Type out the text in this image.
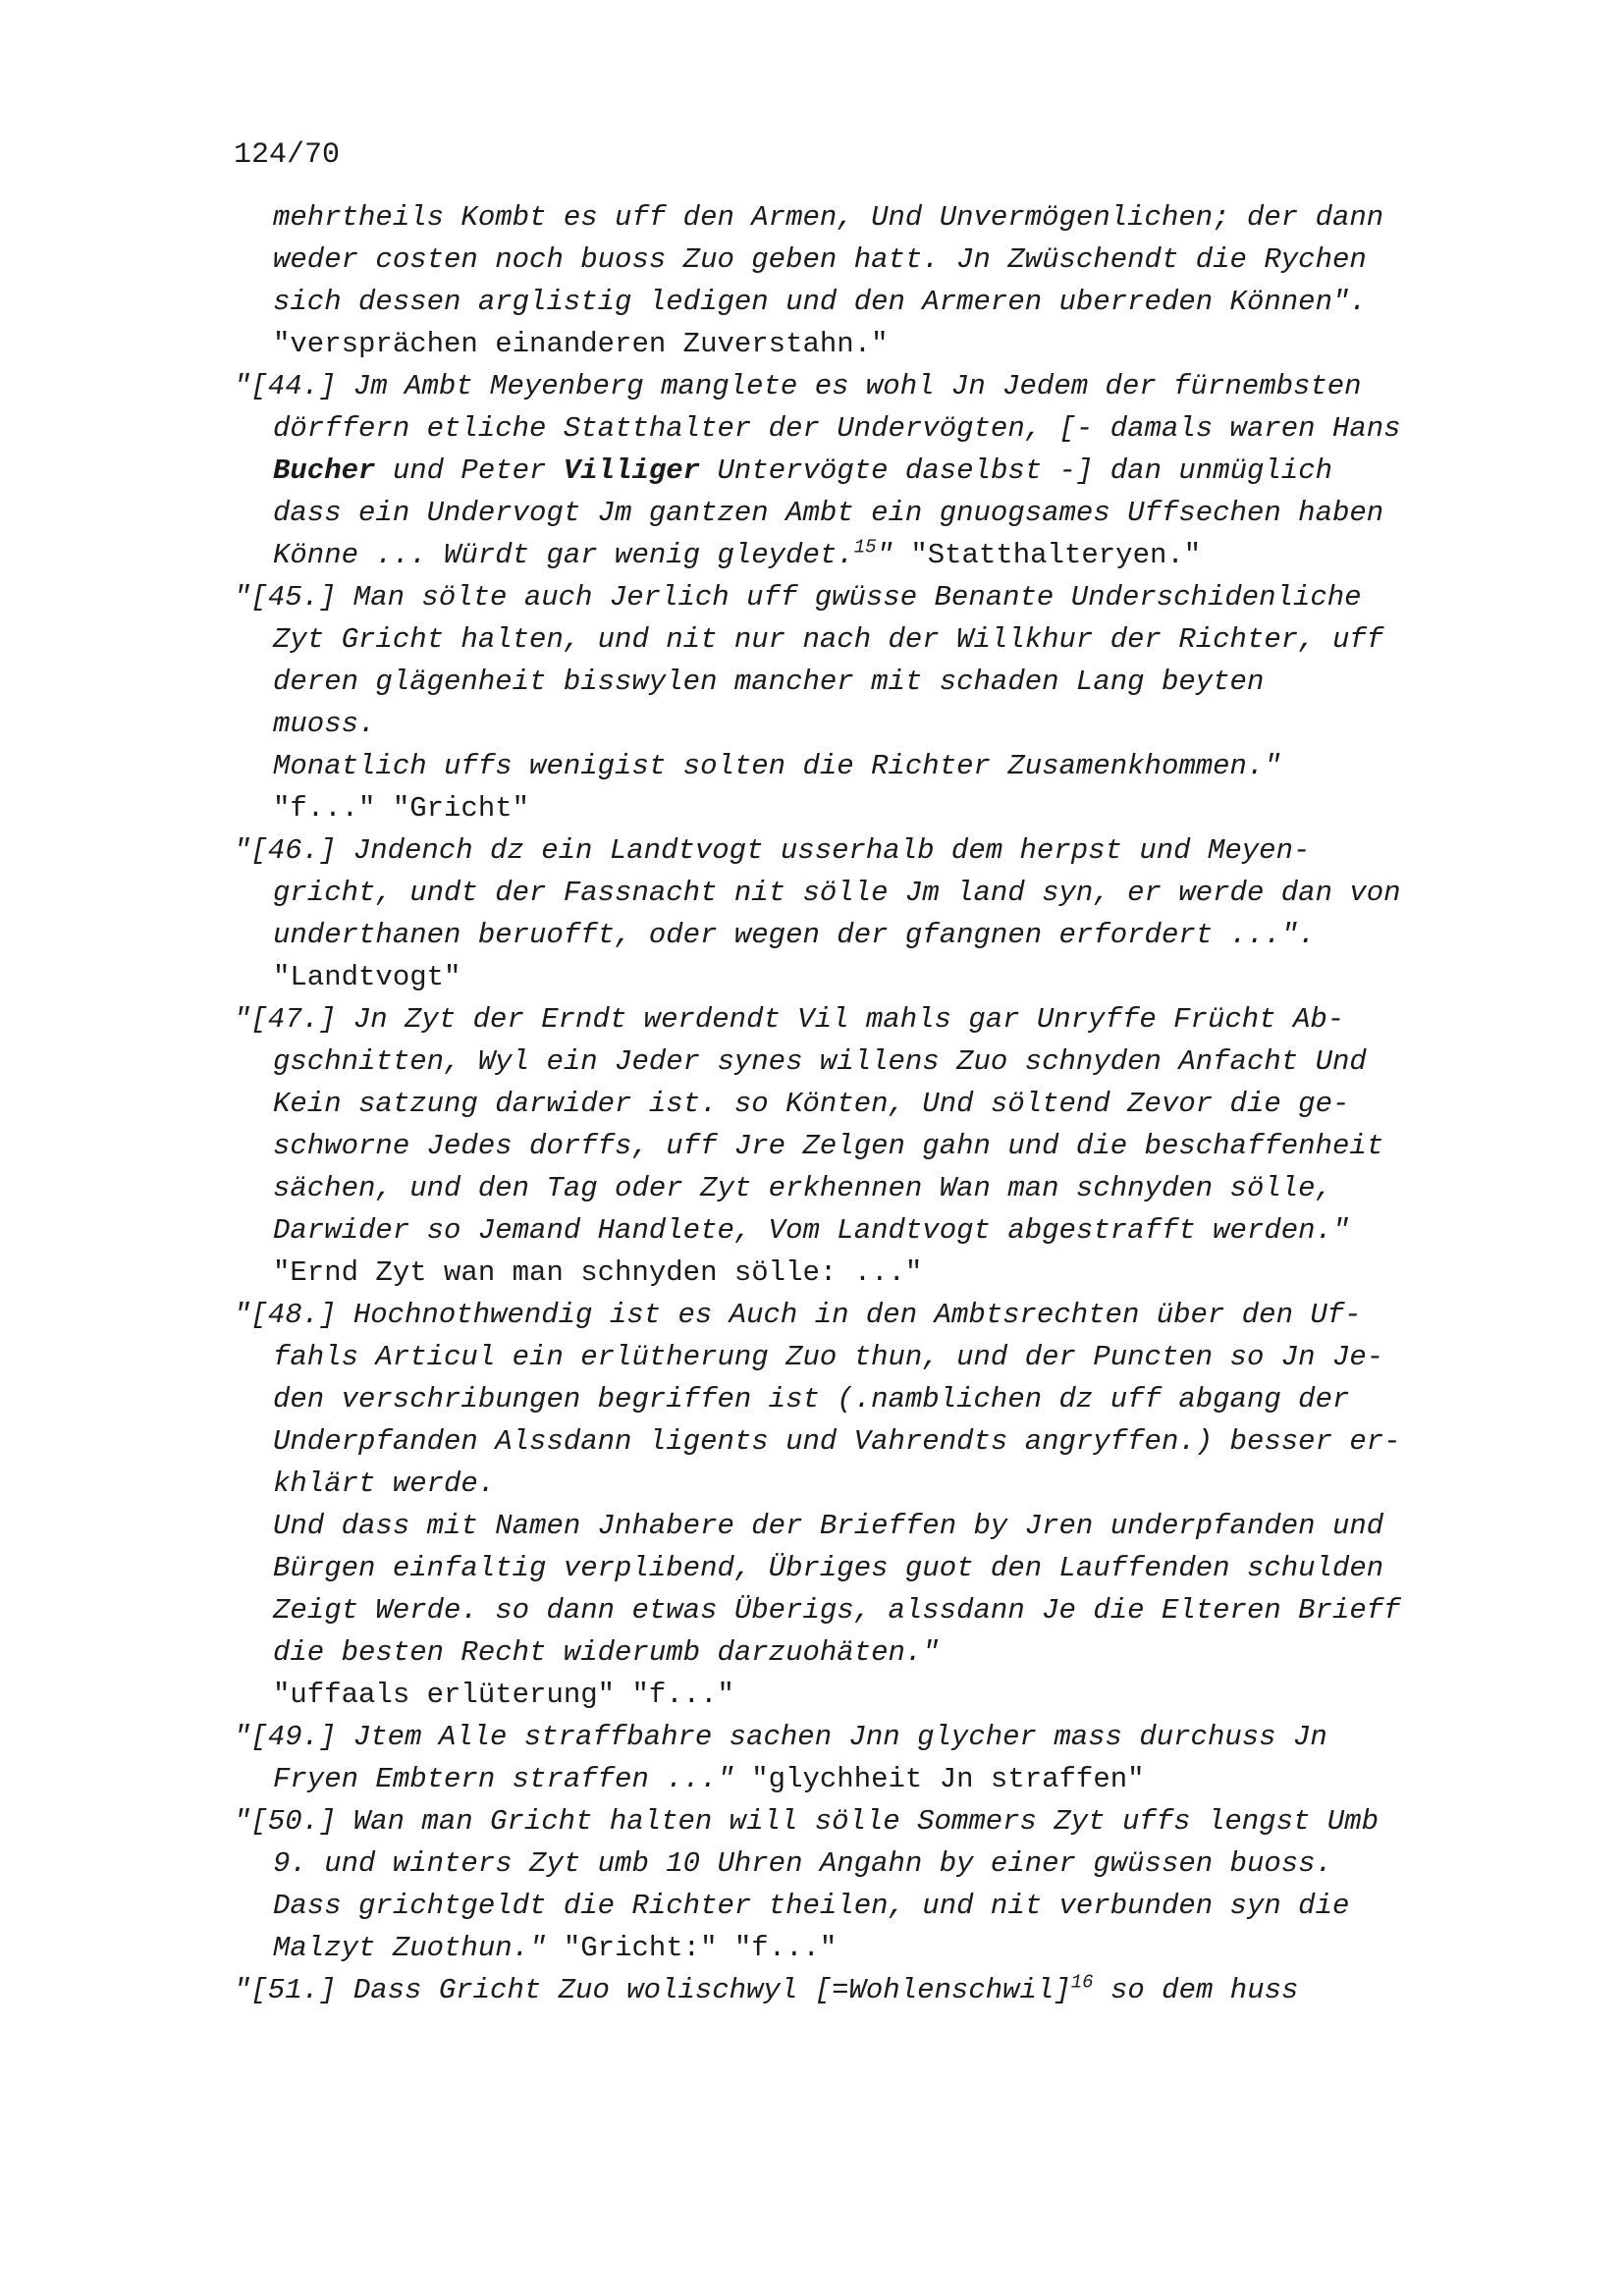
124/70
mehrtheils Kombt es uff den Armen, Und Unvermögenlichen; der dann
weder costen noch buoss Zuo geben hatt. Jn Zwüschendt die Rychen
sich dessen arglistig ledigen und den Armeren uberreden Können".
"versprächen einanderen Zuverstahn."
"[44.] Jm Ambt Meyenberg manglete es wohl Jn Jedem der fürnembsten
dörffern etliche Statthalter der Undervögten, [- damals waren Hans
Bucher und Peter Villiger Untervögte daselbst -] dan unmüglich
dass ein Undervogt Jm gantzen Ambt ein gnuogsames Uffsechen haben
Könne ... Würdt gar wenig gleydet.$^{15}$" "Statthalteryen."
"[45.] Man sölte auch Jerlich uff gwüsse Benante Underschidenliche
Zyt Gricht halten, und nit nur nach der Willkhur der Richter, uff
deren glägenheit bisswylen mancher mit schaden Lang beyten
muoss.
Monatlich uffs wenigist solten die Richter Zusamenkhommen."
"f..." "Gricht"
"[46.] Jndench dz ein Landtvogt usserhalb dem herpst und Meyen-
gricht, undt der Fassnacht nit sölle Jm land syn, er werde dan von
underthanen beruofft, oder wegen der gfangnen erfordert ...".
"Landtvogt"
"[47.] Jn Zyt der Erndt werdendt Vil mahls gar Unryffe Frücht Ab-
gschnitten, Wyl ein Jeder synes willens Zuo schnyden Anfacht Und
Kein satzung darwider ist. so Könten, Und söltend Zevor die ge-
schworne Jedes dorffs, uff Jre Zelgen gahn und die beschaffenheit
sächen, und den Tag oder Zyt erkhennen Wan man schnyden sölle,
Darwider so Jemand Handlete, Vom Landtvogt abgestrafft werden."
"Ernd Zyt wan man schnyden sölle: ..."
"[48.] Hochnothwendig ist es Auch in den Ambtsrechten über den Uf-
fahls Articul ein erlütherung Zuo thun, und der Puncten so Jn Je-
den verschribungen begriffen ist (.namblichen dz uff abgang der
Underpfanden Alssdann ligents und Vahrendts angryffen.) besser er-
khlärt werde.
Und dass mit Namen Jnhabere der Brieffen by Jren underpfanden und
Bürgen einfaltig verplibend, Übriges guot den Lauffenden schulden
Zeigt Werde. so dann etwas Überigs, alssdann Je die Elteren Brieff
die besten Recht widerumb darzuohäten."
"uffaals erlüterung" "f..."
"[49.] Jtem Alle straffbahre sachen Jnn glycher mass durchuss Jn
Fryen Embtern straffen ..." "glychheit Jn straffen"
"[50.] Wan man Gricht halten will sölle Sommers Zyt uffs lengst Umb
9. und winters Zyt umb 10 Uhren Angahn by einer gwüssen buoss.
Dass grichtgeldt die Richter theilen, und nit verbunden syn die
Malzyt Zuothun." "Gricht:" "f..."
"[51.] Dass Gricht Zuo wolischwyl [=Wohlenschwil]$^{16}$ so dem huss
